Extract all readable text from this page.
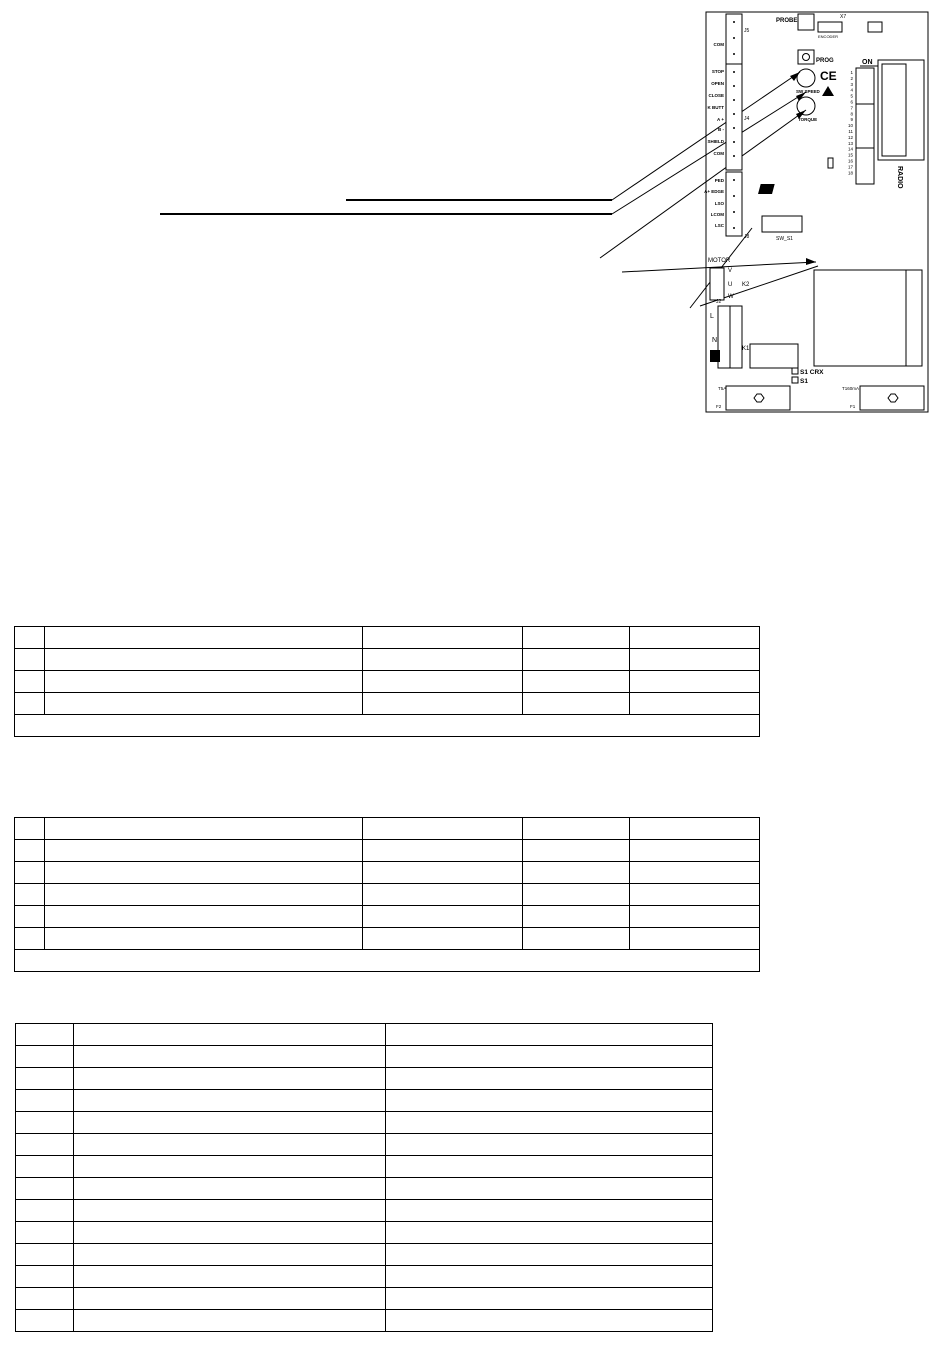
COM
STOP
OPEN
CLOSE
K BUTT
A +
B -
SHIELD
COM
PED
A+ EDGE
LSO
LCOM
LSC
J5
J4
J8
J2
X7
PROBE
ENCODER
PROG
SW SPEED
TORQUE
CE
ON
1
2
3
4
5
6
7
8
9
10
11
12
13
14
15
16
17
18	RADIO
SW_S1
MOTOR
V
U
W
K2
K1
L
N
S1 CRX
S1
T5A
F2
T160mA
F1
